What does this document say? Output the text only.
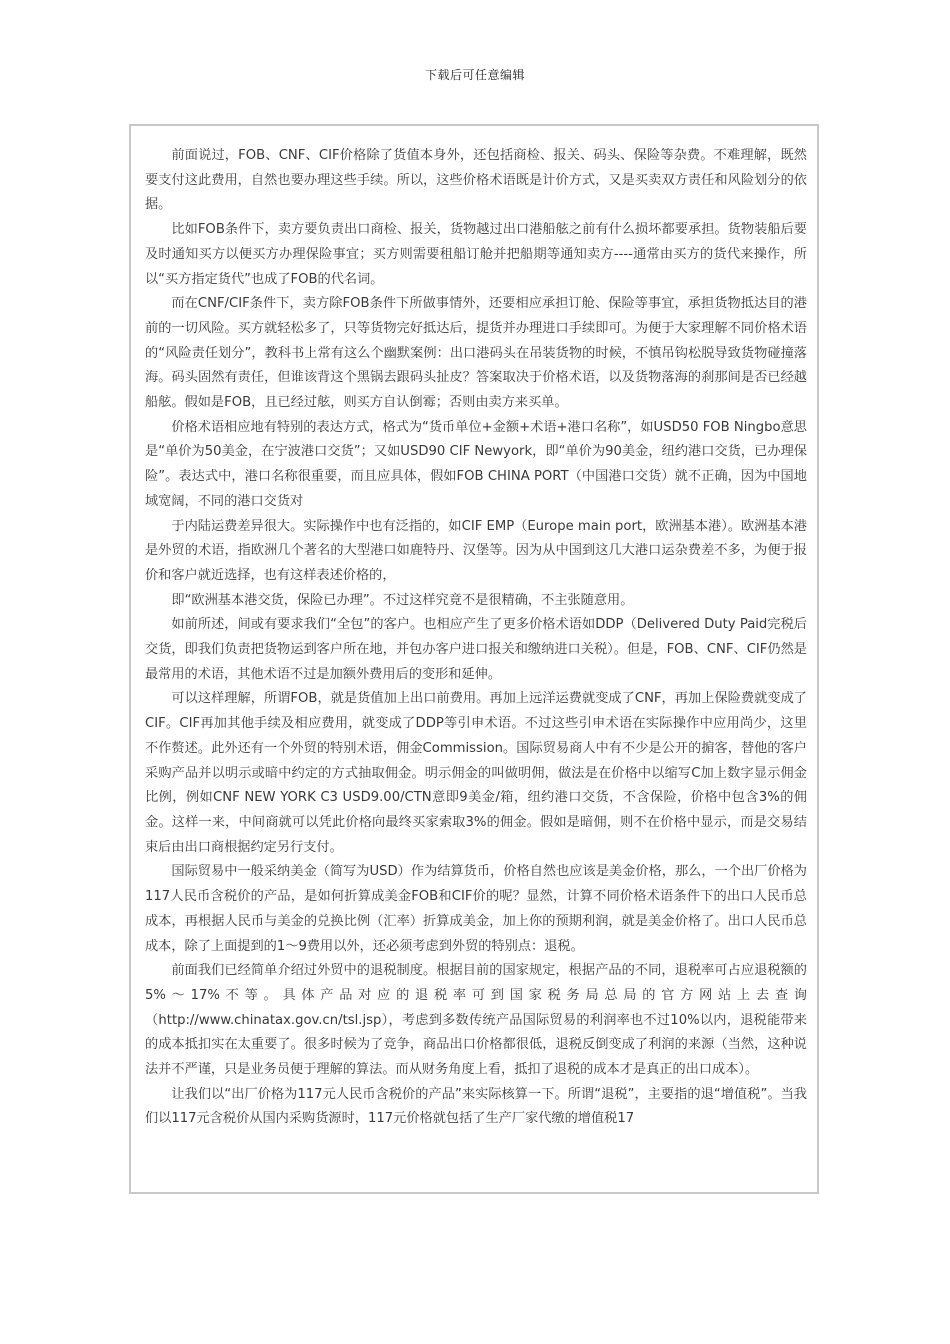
下载后可任意编辑

前面说过，FOB、CNF、CIF价格除了货值本身外，还包括商检、报关、码头、保险等杂费。不难理解，既然要支付这此费用，自然也要办理这些手续。所以，这些价格术语既是计价方式，又是买卖双方责任和风险划分的依据。

比如FOB条件下，卖方要负责出口商检、报关，货物越过出口港船舷之前有什么损坏都要承担。货物装船后要及时通知买方以便买方办理保险事宜；买方则需要租船订舱并把船期等通知卖方----通常由买方的货代来操作，所以“买方指定货代”也成了FOB的代名词。

而在CNF/CIF条件下，卖方除FOB条件下所做事情外，还要相应承担订舱、保险等事宜，承担货物抵达目的港前的一切风险。买方就轻松多了，只等货物完好抵达后，提货并办理进口手续即可。为便于大家理解不同价格术语的“风险责任划分”，教科书上常有这么个幽默案例：出口港码头在吊装货物的时候，不慎吊钩松脱导致货物碰撞落海。码头固然有责任，但谁该背这个黑锅去跟码头扯皮？答案取决于价格术语，以及货物落海的刹那间是否已经越船舷。假如是FOB，且已经过舷，则买方自认倒霉；否则由卖方来买单。

价格术语相应地有特别的表达方式，格式为“货币单位+金额+术语+港口名称”，如USD50 FOB Ningbo意思是“单价为50美金，在宁波港口交货”；又如USD90 CIF Newyork，即“单价为90美金，纽约港口交货，已办理保险”。表达式中，港口名称很重要，而且应具体，假如FOB CHINA PORT（中国港口交货）就不正确，因为中国地域宽阔，不同的港口交货对

于内陆运费差异很大。实际操作中也有泛指的，如CIF EMP（Europe main port，欧洲基本港）。欧洲基本港是外贸的术语，指欧洲几个著名的大型港口如鹿特丹、汉堡等。因为从中国到这几大港口运杂费差不多，为便于报价和客户就近选择，也有这样表述价格的，

即“欧洲基本港交货，保险已办理”。不过这样究竟不是很精确，不主张随意用。

如前所述，间或有要求我们“全包”的客户。也相应产生了更多价格术语如DDP（Delivered Duty Paid完税后交货，即我们负责把货物运到客户所在地，并包办客户进口报关和缴纳进口关税）。但是，FOB、CNF、CIF仍然是最常用的术语，其他术语不过是加额外费用后的变形和延伸。

可以这样理解，所谓FOB，就是货值加上出口前费用。再加上远洋运费就变成了CNF，再加上保险费就变成了CIF。CIF再加其他手续及相应费用，就变成了DDP等引申术语。不过这些引申术语在实际操作中应用尚少，这里不作赘述。此外还有一个外贸的特别术语，佣金Commission。国际贸易商人中有不少是公开的掮客，替他的客户采购产品并以明示或暗中约定的方式抽取佣金。明示佣金的叫做明佣，做法是在价格中以缩写C加上数字显示佣金比例，例如CNF NEW YORK C3 USD9.00/CTN意即9美金/箱，纽约港口交货，不含保险，价格中包含3%的佣金。这样一来，中间商就可以凭此价格向最终买家索取3%的佣金。假如是暗佣，则不在价格中显示，而是交易结束后由出口商根据约定另行支付。

国际贸易中一般采纳美金（简写为USD）作为结算货币，价格自然也应该是美金价格，那么，一个出厂价格为117人民币含税价的产品，是如何折算成美金FOB和CIF价的呢？显然，计算不同价格术语条件下的出口人民币总成本，再根据人民币与美金的兑换比例（汇率）折算成美金，加上你的预期利润，就是美金价格了。出口人民币总成本，除了上面提到的1～9费用以外，还必须考虑到外贸的特别点：退税。

前面我们已经简单介绍过外贸中的退税制度。根据目前的国家规定，根据产品的不同，退税率可占应退税额的5%～17%不等。具体产品对应的退税率可到国家税务局总局的官方网站上去查询（http://www.chinatax.gov.cn/tsl.jsp），考虑到多数传统产品国际贸易的利润率也不过10%以内，退税能带来的成本抵扣实在太重要了。很多时候为了竞争，商品出口价格都很低，退税反倒变成了利润的来源（当然，这种说法并不严谨，只是业务员便于理解的算法。而从财务角度上看，抵扣了退税的成本才是真正的出口成本）。

让我们以“出厂价格为117元人民币含税价的产品”来实际核算一下。所谓“退税”，主要指的退“增值税”。当我们以117元含税价从国内采购货源时，117元价格就包括了生产厂家代缴的增值税17
